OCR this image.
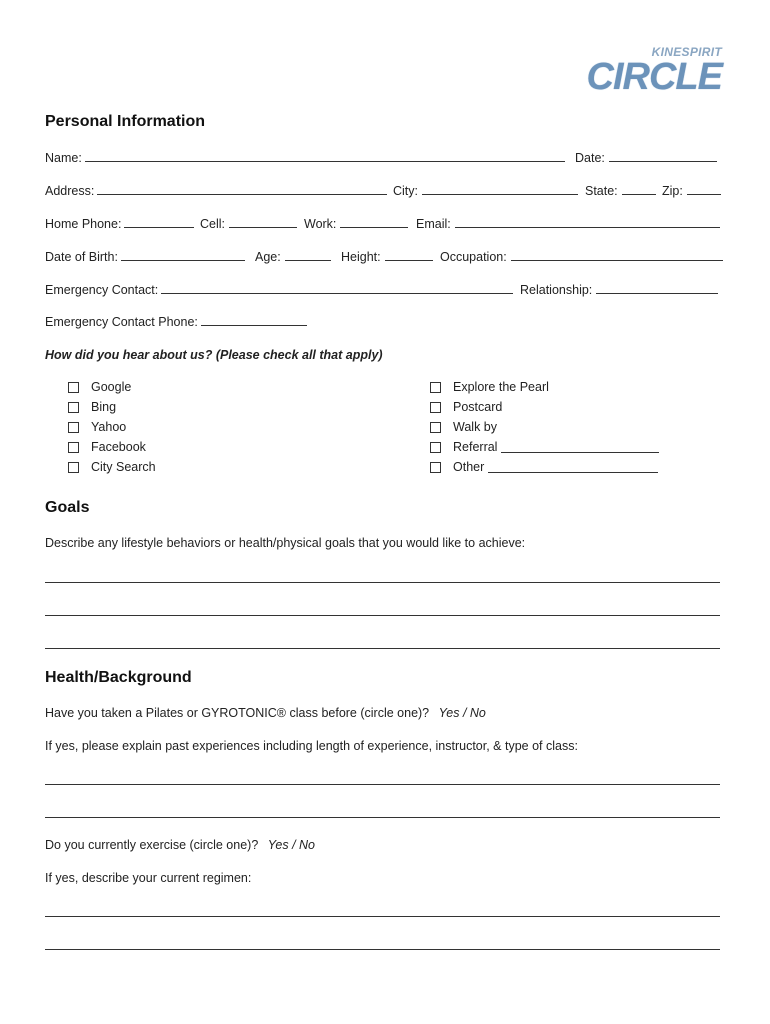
KINESPIRIT
CIRCLE
Personal Information
Name:	Date:
Address:	City:	State:	Zip:
Home Phone:	Cell:	Work:	Email:
Date of Birth:	Age:	Height:	Occupation:
Emergency Contact:	Relationship:
Emergency Contact Phone:
How did you hear about us? (Please check all that apply)
Google
Bing
Yahoo
Facebook
City Search
Explore the Pearl
Postcard
Walk by
Referral
Other
Goals
Describe any lifestyle behaviors or health/physical goals that you would like to achieve:
Health/Background
Have you taken a Pilates or GYROTONIC® class before (circle one)? Yes / No
If yes, please explain past experiences including length of experience, instructor, & type of class:
Do you currently exercise (circle one)? Yes / No
If yes, describe your current regimen:
